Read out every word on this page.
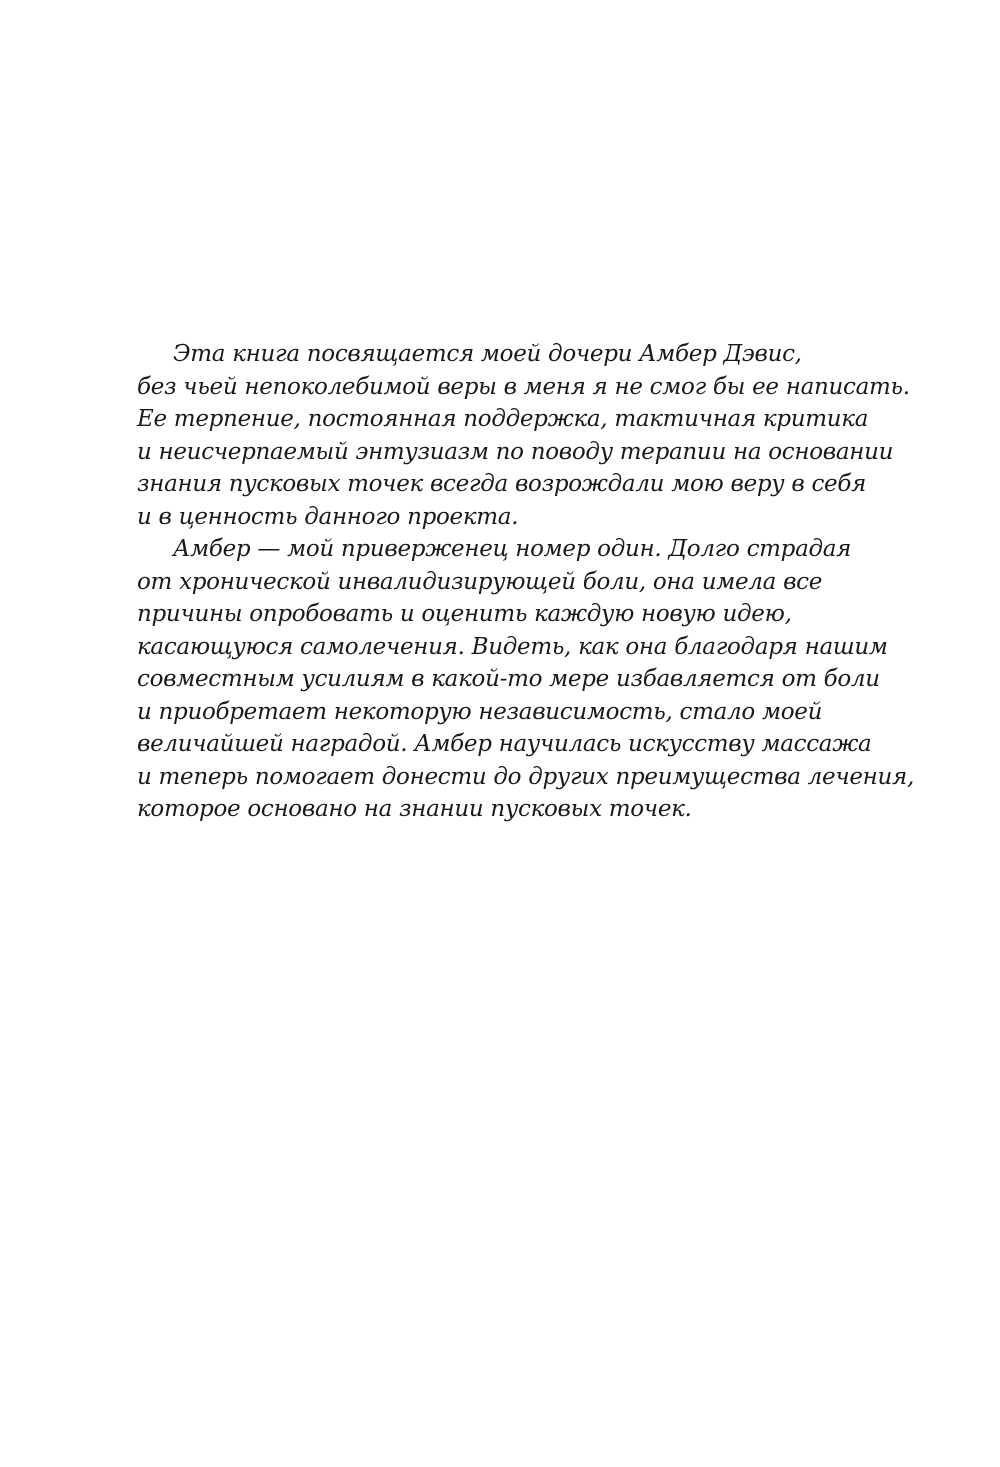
Эта книга посвящается моей дочери Амбер Дэвис,
без чьей непоколебимой веры в меня я не смог бы ее написать.
Ее терпение, постоянная поддержка, тактичная критика
и неисчерпаемый энтузиазм по поводу терапии на основании
знания пусковых точек всегда возрождали мою веру в себя
и в ценность данного проекта.

Амбер — мой приверженец номер один. Долго страдая
от хронической инвалидизирующей боли, она имела все
причины опробовать и оценить каждую новую идею,
касающуюся самолечения. Видеть, как она благодаря нашим
совместным усилиям в какой-то мере избавляется от боли
и приобретает некоторую независимость, стало моей
величайшей наградой. Амбер научилась искусству массажа
и теперь помогает донести до других преимущества лечения,
которое основано на знании пусковых точек.
